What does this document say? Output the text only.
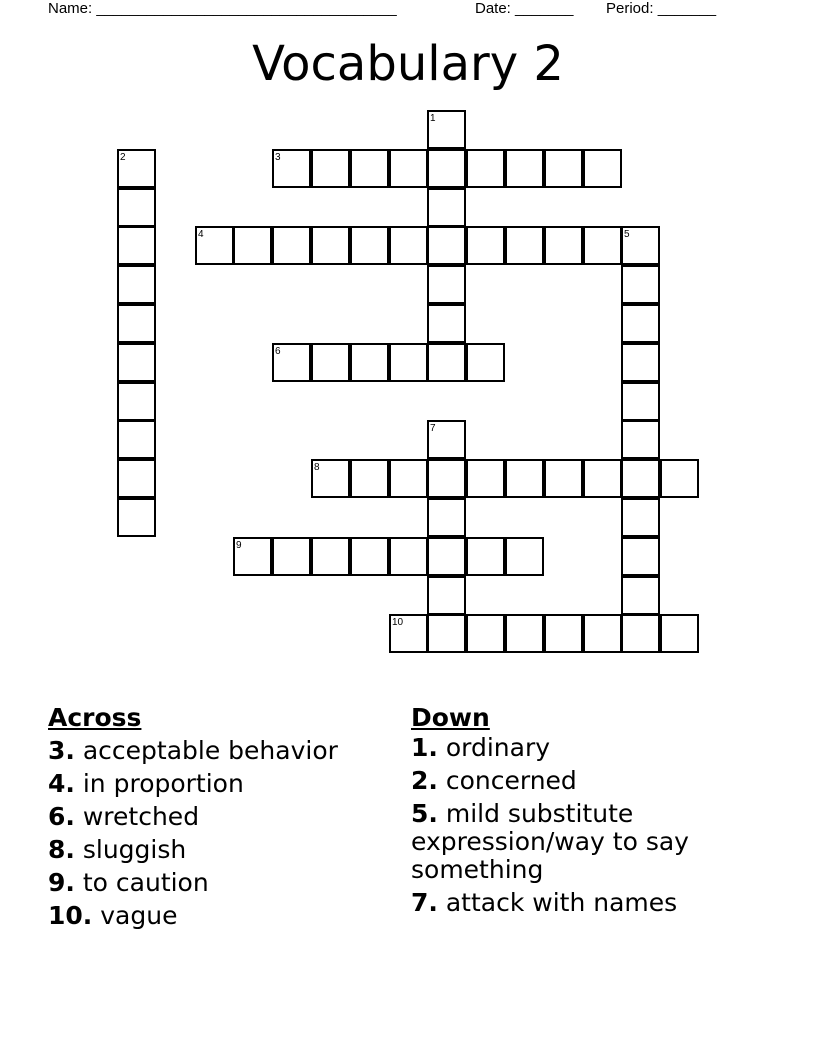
Name: ____________________________________

	Date: _______

Period: _______

Vocabulary 2
1
2	3
4	5
6
7
8
9
10
Across
3. acceptable behavior
4. in proportion
6. wretched
8. sluggish
9. to caution
10. vague
Down
1. ordinary
2. concerned
5. mild substitute expression/way to say something
7. attack with names
